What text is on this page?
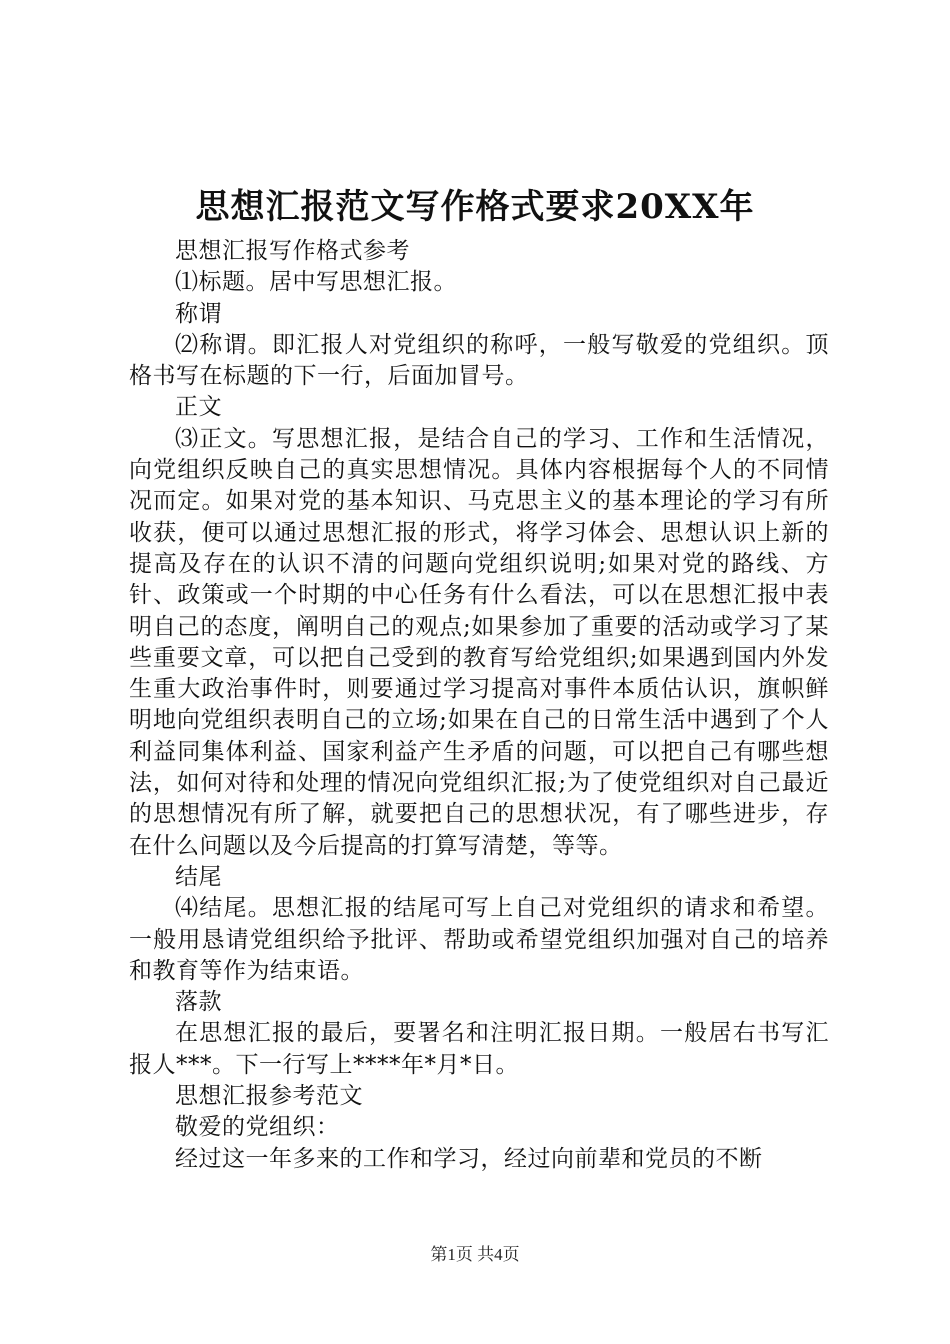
思想汇报范文写作格式要求20XX年

思想汇报写作格式参考

⑴标题。居中写思想汇报。

称谓

⑵称谓。即汇报人对党组织的称呼，一般写敬爱的党组织。顶格书写在标题的下一行，后面加冒号。

正文

⑶正文。写思想汇报，是结合自己的学习、工作和生活情况，向党组织反映自己的真实思想情况。具体内容根据每个人的不同情况而定。如果对党的基本知识、马克思主义的基本理论的学习有所收获，便可以通过思想汇报的形式，将学习体会、思想认识上新的提高及存在的认识不清的问题向党组织说明;如果对党的路线、方针、政策或一个时期的中心任务有什么看法，可以在思想汇报中表明自己的态度，阐明自己的观点;如果参加了重要的活动或学习了某些重要文章，可以把自己受到的教育写给党组织;如果遇到国内外发生重大政治事件时，则要通过学习提高对事件本质估认识，旗帜鲜明地向党组织表明自己的立场;如果在自己的日常生活中遇到了个人利益同集体利益、国家利益产生矛盾的问题，可以把自己有哪些想法，如何对待和处理的情况向党组织汇报;为了使党组织对自己最近的思想情况有所了解，就要把自己的思想状况，有了哪些进步，存在什么问题以及今后提高的打算写清楚，等等。

结尾

⑷结尾。思想汇报的结尾可写上自己对党组织的请求和希望。一般用恳请党组织给予批评、帮助或希望党组织加强对自己的培养和教育等作为结束语。

落款

在思想汇报的最后，要署名和注明汇报日期。一般居右书写汇报人***。下一行写上****年*月*日。

思想汇报参考范文

敬爱的党组织：

经过这一年多来的工作和学习，经过向前辈和党员的不断

第1页 共4页
